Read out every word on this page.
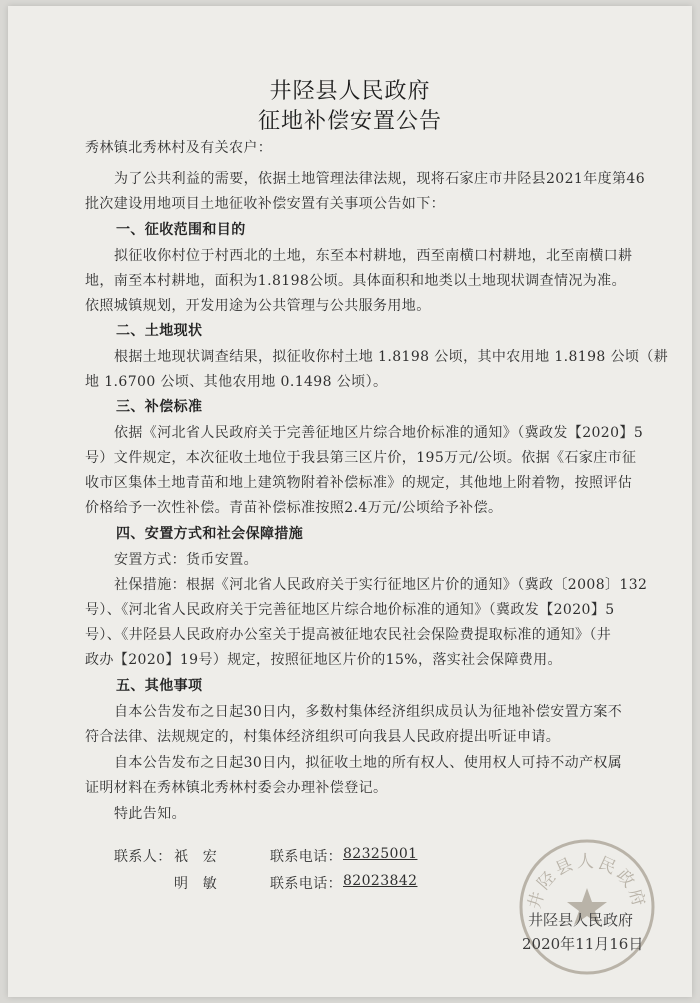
井陉县人民政府
征地补偿安置公告
秀林镇北秀林村及有关农户：
为了公共利益的需要，依据土地管理法律法规，现将石家庄市井陉县2021年度第46
批次建设用地项目土地征收补偿安置有关事项公告如下：
一、征收范围和目的
拟征收你村位于村西北的土地，东至本村耕地，西至南横口村耕地，北至南横口耕
地，南至本村耕地，面积为1.8198公顷。具体面积和地类以土地现状调查情况为准。
依照城镇规划，开发用途为公共管理与公共服务用地。
二、土地现状
根据土地现状调查结果，拟征收你村土地 1.8198 公顷，其中农用地 1.8198 公顷（耕
地 1.6700 公顷、其他农用地 0.1498 公顷）。
三、补偿标准
依据《河北省人民政府关于完善征地区片综合地价标准的通知》（冀政发【2020】5
号）文件规定，本次征收土地位于我县第三区片价，195万元/公顷。依据《石家庄市征
收市区集体土地青苗和地上建筑物附着补偿标准》的规定，其他地上附着物，按照评估
价格给予一次性补偿。青苗补偿标准按照2.4万元/公顷给予补偿。
四、安置方式和社会保障措施
安置方式：货币安置。
社保措施：根据《河北省人民政府关于实行征地区片价的通知》（冀政〔2008〕132
号）、《河北省人民政府关于完善征地区片综合地价标准的通知》（冀政发【2020】5
号）、《井陉县人民政府办公室关于提高被征地农民社会保险费提取标准的通知》（井
政办【2020】19号）规定，按照征地区片价的15%，落实社会保障费用。
五、其他事项
自本公告发布之日起30日内，多数村集体经济组织成员认为征地补偿安置方案不
符合法律、法规规定的，村集体经济组织可向我县人民政府提出听证申请。
自本公告发布之日起30日内，拟征收土地的所有权人、使用权人可持不动产权属
证明材料在秀林镇北秀林村委会办理补偿登记。
特此告知。
联系人： 祇　宏	联系电话： 82325001
明　敏	联系电话： 82023842
井陉县人民政府
井陉县人民政府
2020年11月16日
